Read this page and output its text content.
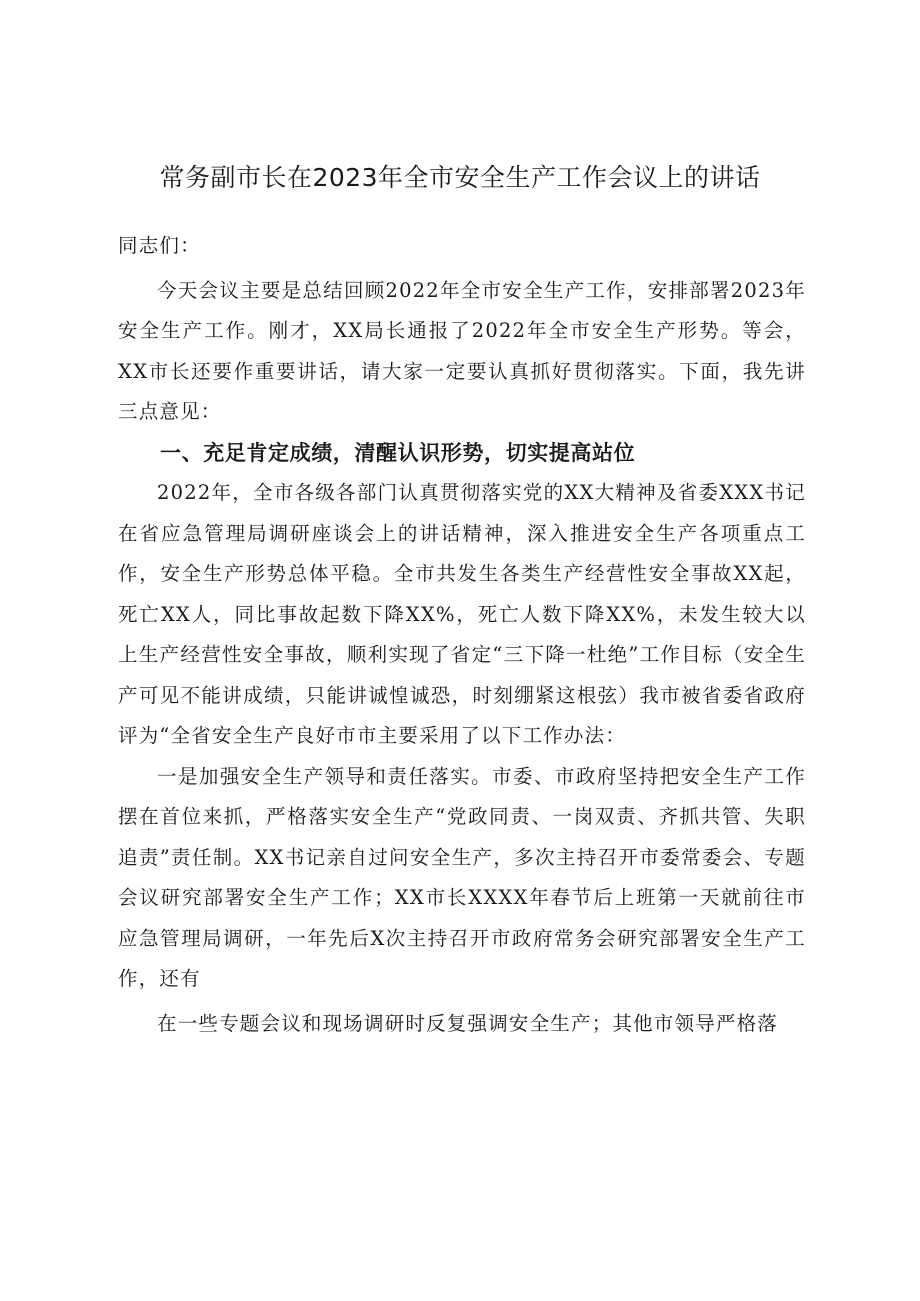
常务副市长在2023年全市安全生产工作会议上的讲话

同志们：

今天会议主要是总结回顾2022年全市安全生产工作，安排部署2023年安全生产工作。刚才，XX局长通报了2022年全市安全生产形势。等会，XX市长还要作重要讲话，请大家一定要认真抓好贯彻落实。下面，我先讲三点意见：

一、充足肯定成绩，清醒认识形势，切实提高站位

2022年，全市各级各部门认真贯彻落实党的XX大精神及省委XXX书记在省应急管理局调研座谈会上的讲话精神，深入推进安全生产各项重点工作，安全生产形势总体平稳。全市共发生各类生产经营性安全事故XX起，死亡XX人，同比事故起数下降XX%，死亡人数下降XX%，未发生较大以上生产经营性安全事故，顺利实现了省定“三下降一杜绝”工作目标（安全生产可见不能讲成绩，只能讲诚惶诚恐，时刻绷紧这根弦）我市被省委省政府评为“全省安全生产良好市市主要采用了以下工作办法：

一是加强安全生产领导和责任落实。市委、市政府坚持把安全生产工作摆在首位来抓，严格落实安全生产“党政同责、一岗双责、齐抓共管、失职追责”责任制。XX书记亲自过问安全生产，多次主持召开市委常委会、专题会议研究部署安全生产工作；XX市长XXXX年春节后上班第一天就前往市应急管理局调研，一年先后X次主持召开市政府常务会研究部署安全生产工作，还有

在一些专题会议和现场调研时反复强调安全生产；其他市领导严格落
